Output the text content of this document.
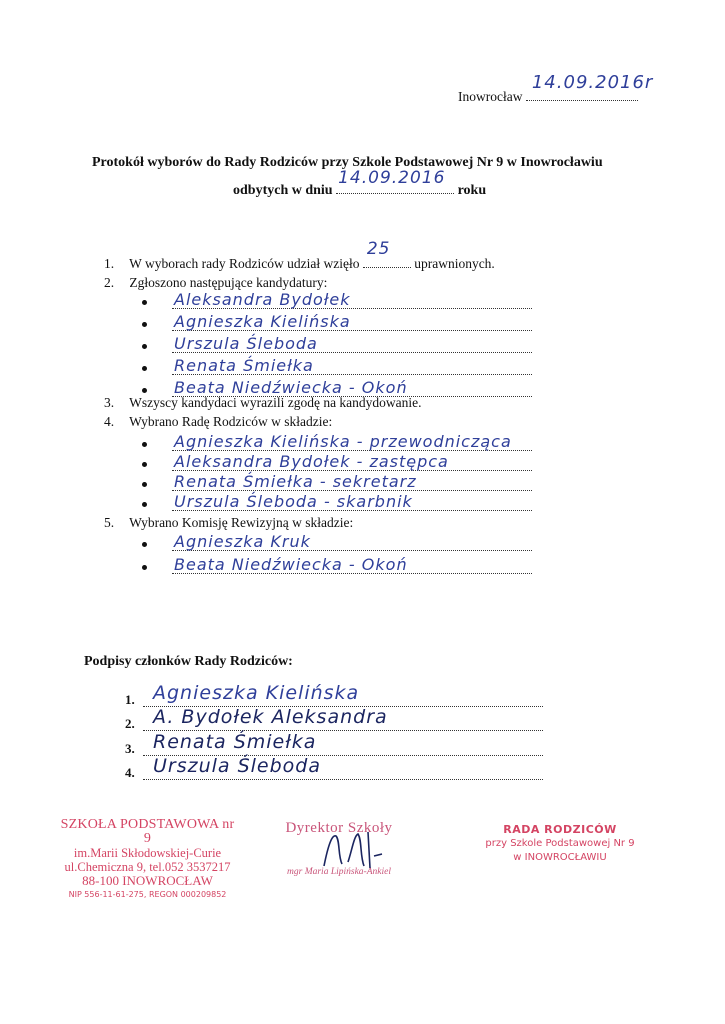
Inowrocław
14.09.2016r
Protokół wyborów do Rady Rodziców przy Szkole Podstawowej Nr 9 w Inowrocławiu
odbytych w dniu
14.09.2016
roku
1. W wyborach rady Rodziców udział wzięło
25
uprawnionych.
2. Zgłoszono następujące kandydatury:
Aleksandra Bydołek
Agnieszka Kielińska
Urszula Śleboda
Renata Śmiełka
Beata Niedźwiecka - Okoń
3. Wszyscy kandydaci wyrazili zgodę na kandydowanie.
4. Wybrano Radę Rodziców w składzie:
Agnieszka Kielińska - przewodnicząca
Aleksandra Bydołek - zastępca
Renata Śmiełka - sekretarz
Urszula Śleboda - skarbnik
5. Wybrano Komisję Rewizyjną w składzie:
Agnieszka Kruk
Beata Niedźwiecka - Okoń
Podpisy członków Rady Rodziców:
1. Agnieszka Kielińska
2. A. Bydołek Aleksandra
3. Renata Śmiełka
4. Urszula Śleboda
SZKOŁA PODSTAWOWA nr 9
im.Marii Skłodowskiej-Curie
ul.Chemiczna 9, tel.052 3537217
88-100 INOWROCŁAW
NIP 556-11-61-275, REGON 000209852
Dyrektor Szkoły
mgr Maria Lipińska-Ankiel
RADA RODZICÓW
przy Szkole Podstawowej Nr 9
w INOWROCŁAWIU
